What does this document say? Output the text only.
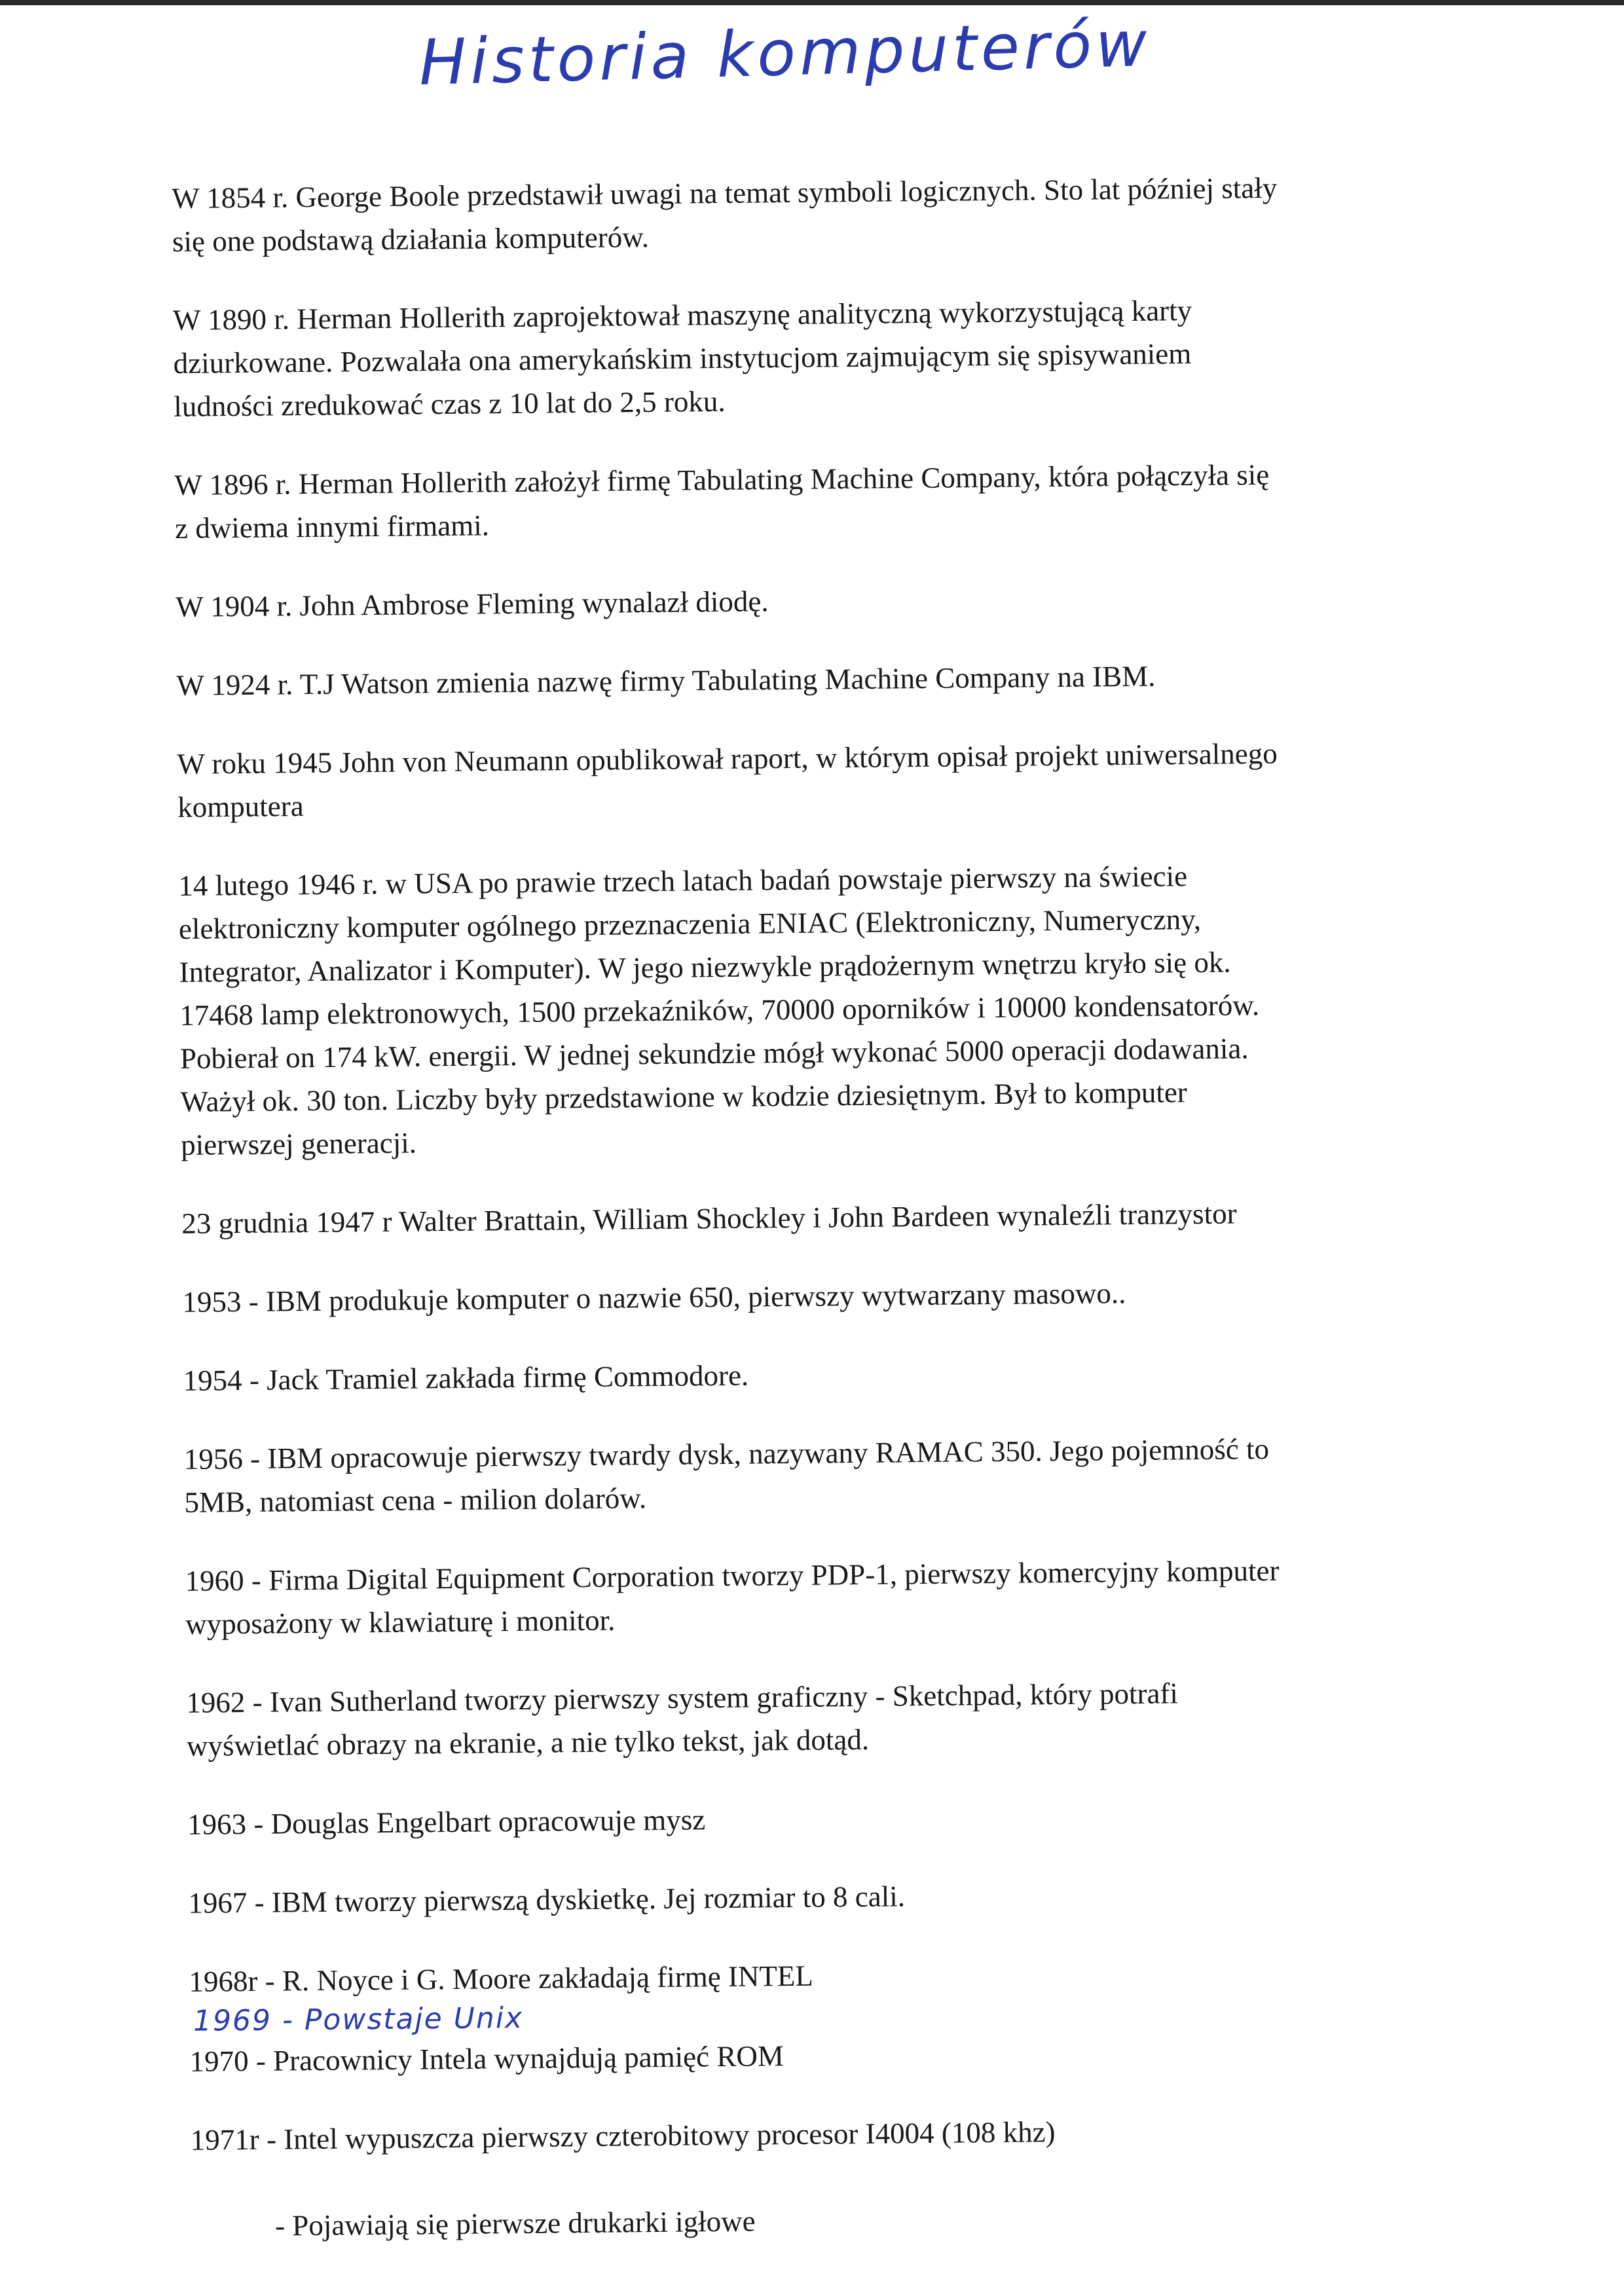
Historia komputerów

W 1854 r. George Boole przedstawił uwagi na temat symboli logicznych. Sto lat później stały
się one podstawą działania komputerów.

W 1890 r. Herman Hollerith zaprojektował maszynę analityczną wykorzystującą karty
dziurkowane. Pozwalała ona amerykańskim instytucjom zajmującym się spisywaniem
ludności zredukować czas z 10 lat do 2,5 roku.

W 1896 r. Herman Hollerith założył firmę Tabulating Machine Company, która połączyła się
z dwiema innymi firmami.

W 1904 r. John Ambrose Fleming wynalazł diodę.

W 1924 r. T.J Watson zmienia nazwę firmy Tabulating Machine Company na IBM.

W roku 1945 John von Neumann opublikował raport, w którym opisał projekt uniwersalnego
komputera

14 lutego 1946 r. w USA po prawie trzech latach badań powstaje pierwszy na świecie
elektroniczny komputer ogólnego przeznaczenia ENIAC (Elektroniczny, Numeryczny,
Integrator, Analizator i Komputer). W jego niezwykle prądożernym wnętrzu kryło się ok.
17468 lamp elektronowych, 1500 przekaźników, 70000 oporników i 10000 kondensatorów.
Pobierał on 174 kW. energii. W jednej sekundzie mógł wykonać 5000 operacji dodawania.
Ważył ok. 30 ton. Liczby były przedstawione w kodzie dziesiętnym. Był to komputer
pierwszej generacji.

23 grudnia 1947 r Walter Brattain, William Shockley i John Bardeen wynaleźli tranzystor

1953 - IBM produkuje komputer o nazwie 650, pierwszy wytwarzany masowo..

1954 - Jack Tramiel zakłada firmę Commodore.

1956 - IBM opracowuje pierwszy twardy dysk, nazywany RAMAC 350. Jego pojemność to
5MB, natomiast cena - milion dolarów.

1960 - Firma Digital Equipment Corporation tworzy PDP-1, pierwszy komercyjny komputer
wyposażony w klawiaturę i monitor.

1962 - Ivan Sutherland tworzy pierwszy system graficzny - Sketchpad, który potrafi
wyświetlać obrazy na ekranie, a nie tylko tekst, jak dotąd.

1963 - Douglas Engelbart opracowuje mysz

1967 - IBM tworzy pierwszą dyskietkę. Jej rozmiar to 8 cali.

1968r - R. Noyce i G. Moore zakładają firmę INTEL

1969 - Powstaje Unix

1970 - Pracownicy Intela wynajdują pamięć ROM

1971r - Intel wypuszcza pierwszy czterobitowy procesor I4004 (108 khz)

- Pojawiają się pierwsze drukarki igłowe
